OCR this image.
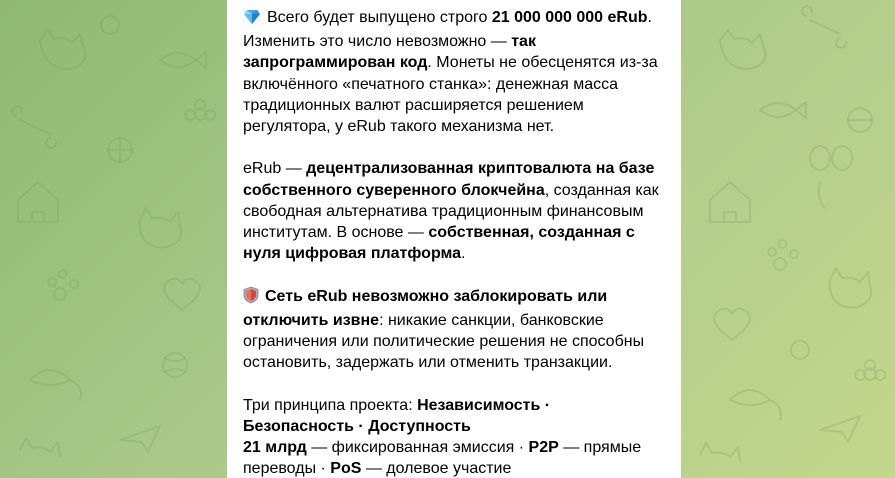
Всего будет выпущено строго 21 000 000 000 eRub. Изменить это число невозможно — так запрограммирован код. Монеты не обесценятся из-за включённого «печатного станка»: денежная масса традиционных валют расширяется решением регулятора, у eRub такого механизма нет.

eRub — децентрализованная криптовалюта на базе собственного суверенного блокчейна, созданная как свободная альтернатива традиционным финансовым институтам. В основе — собственная, созданная с нуля цифровая платформа.

Сеть eRub невозможно заблокировать или отключить извне: никакие санкции, банковские ограничения или политические решения не способны остановить, задержать или отменить транзакции.

Три принципа проекта: Независимость · Безопасность · Доступность
21 млрд — фиксированная эмиссия · P2P — прямые переводы · PoS — долевое участие
